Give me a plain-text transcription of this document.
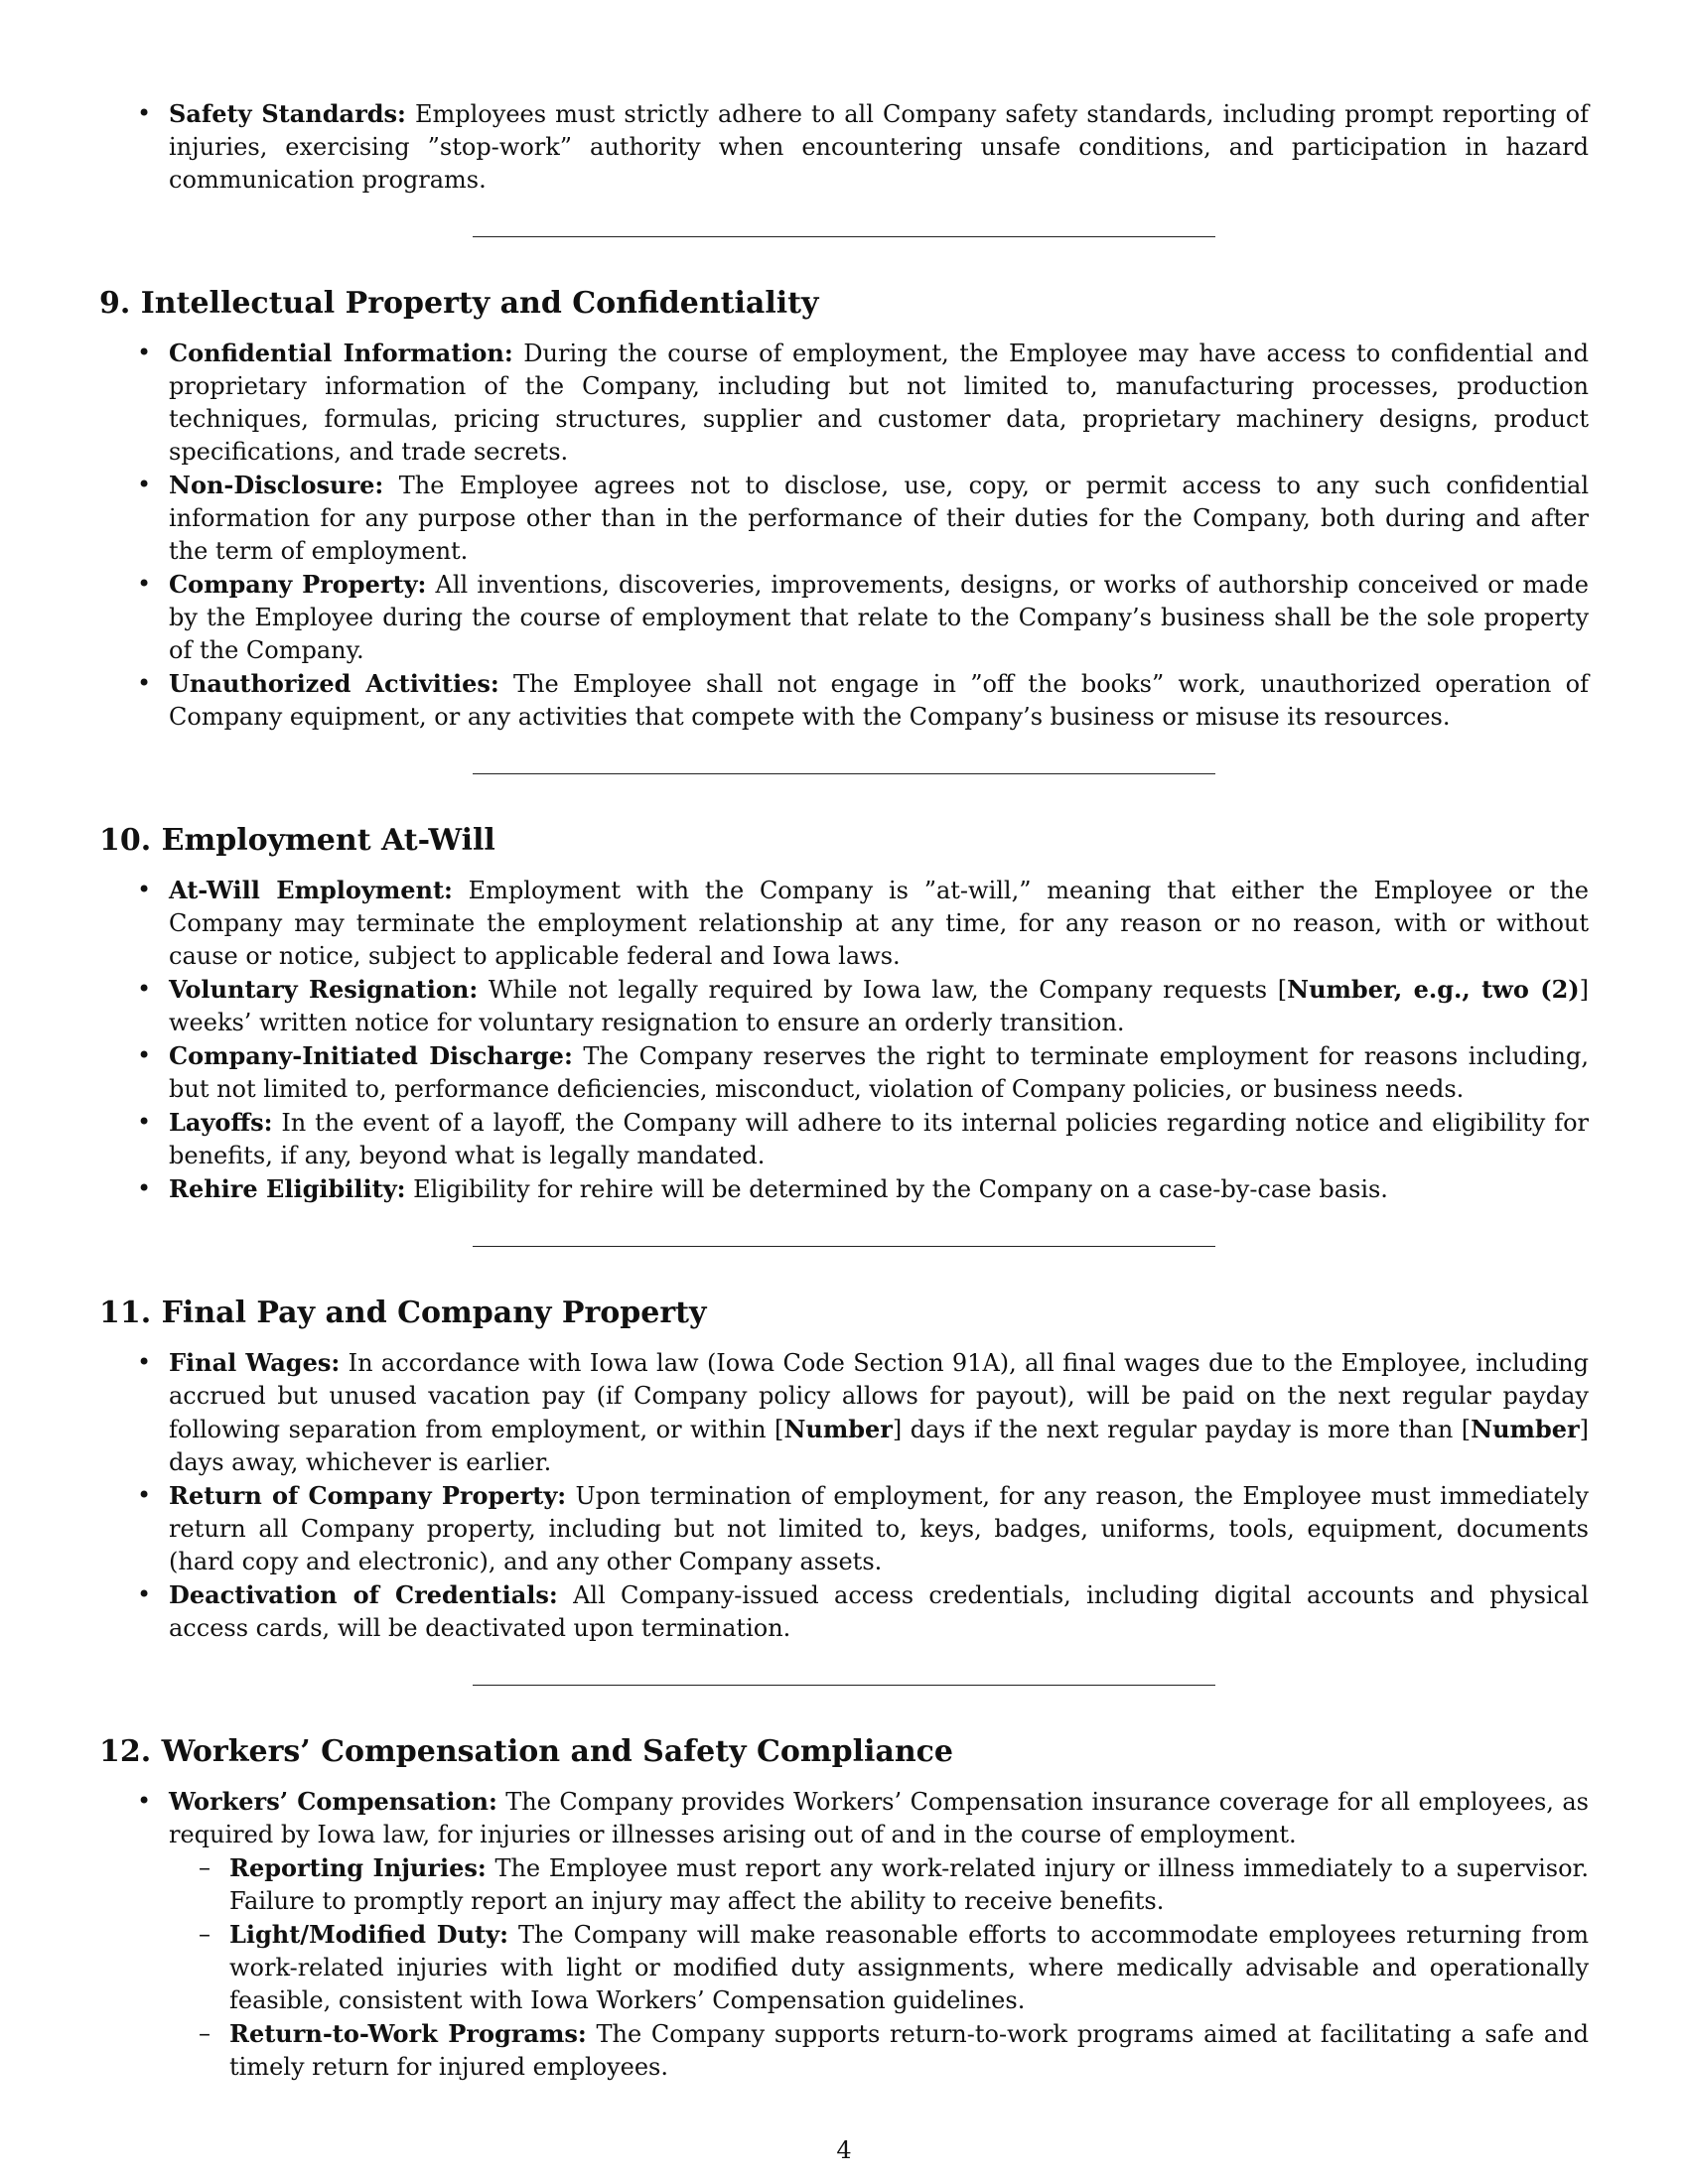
• Safety Standards: Employees must strictly adhere to all Company safety standards, including prompt reporting of injuries, exercising ”stop-work” authority when encountering unsafe conditions, and participation in hazard communication programs.
9. Intellectual Property and Confidentiality
• Confidential Information: During the course of employment, the Employee may have access to confidential and proprietary information of the Company, including but not limited to, manufacturing processes, production techniques, formulas, pricing structures, supplier and customer data, proprietary machinery designs, product specifications, and trade secrets.
• Non-Disclosure: The Employee agrees not to disclose, use, copy, or permit access to any such confidential information for any purpose other than in the performance of their duties for the Company, both during and after the term of employment.
• Company Property: All inventions, discoveries, improvements, designs, or works of authorship conceived or made by the Employee during the course of employment that relate to the Company’s business shall be the sole property of the Company.
• Unauthorized Activities: The Employee shall not engage in ”off the books” work, unauthorized operation of Company equipment, or any activities that compete with the Company’s business or misuse its resources.
10. Employment At-Will
• At-Will Employment: Employment with the Company is ”at-will,” meaning that either the Employee or the Company may terminate the employment relationship at any time, for any reason or no reason, with or without cause or notice, subject to applicable federal and Iowa laws.
• Voluntary Resignation: While not legally required by Iowa law, the Company requests [Number, e.g., two (2)] weeks’ written notice for voluntary resignation to ensure an orderly transition.
• Company-Initiated Discharge: The Company reserves the right to terminate employment for reasons including, but not limited to, performance deficiencies, misconduct, violation of Company policies, or business needs.
• Layoffs: In the event of a layoff, the Company will adhere to its internal policies regarding notice and eligibility for benefits, if any, beyond what is legally mandated.
• Rehire Eligibility: Eligibility for rehire will be determined by the Company on a case-by-case basis.
11. Final Pay and Company Property
• Final Wages: In accordance with Iowa law (Iowa Code Section 91A), all final wages due to the Employee, including accrued but unused vacation pay (if Company policy allows for payout), will be paid on the next regular payday following separation from employment, or within [Number] days if the next regular payday is more than [Number] days away, whichever is earlier.
• Return of Company Property: Upon termination of employment, for any reason, the Employee must immediately return all Company property, including but not limited to, keys, badges, uniforms, tools, equipment, documents (hard copy and electronic), and any other Company assets.
• Deactivation of Credentials: All Company-issued access credentials, including digital accounts and physical access cards, will be deactivated upon termination.
12. Workers’ Compensation and Safety Compliance
• Workers’ Compensation: The Company provides Workers’ Compensation insurance coverage for all employees, as required by Iowa law, for injuries or illnesses arising out of and in the course of employment.
– Reporting Injuries: The Employee must report any work-related injury or illness immediately to a supervisor. Failure to promptly report an injury may affect the ability to receive benefits.
– Light/Modified Duty: The Company will make reasonable efforts to accommodate employees returning from work-related injuries with light or modified duty assignments, where medically advisable and operationally feasible, consistent with Iowa Workers’ Compensation guidelines.
– Return-to-Work Programs: The Company supports return-to-work programs aimed at facilitating a safe and timely return for injured employees.
4
